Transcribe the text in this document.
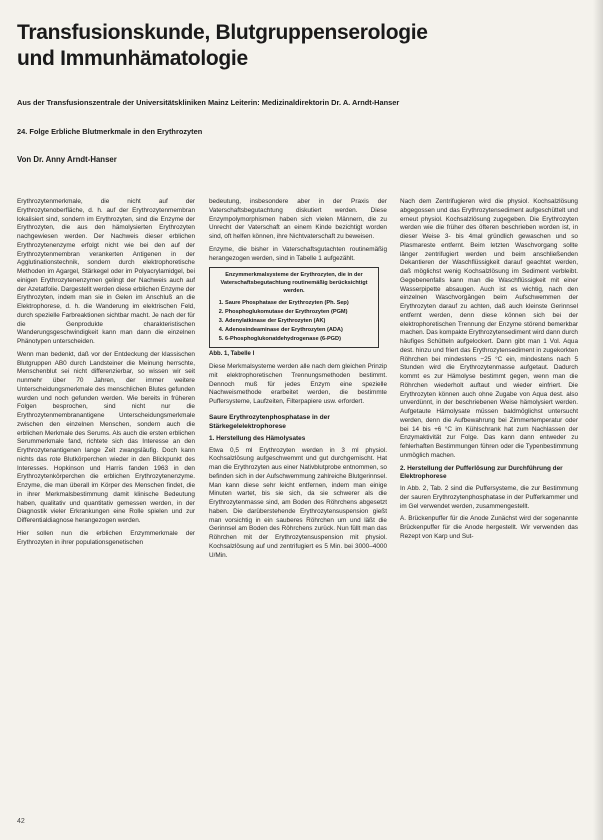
Transfusionskunde, Blutgruppenserologie
und Immunhämatologie
Aus der Transfusionszentrale der Universitätskliniken Mainz Leiterin: Medizinaldirektorin Dr. A. Arndt-Hanser
24. Folge Erbliche Blutmerkmale in den Erythrozyten
Von Dr. Anny Arndt-Hanser

Erythrozytenmerkmale, die nicht auf der Erythrozytenoberfläche, d. h. auf der Erythrozytenmembran lokalisiert sind, sondern im Erythrozyten, sind die Enzyme der Erythrozyten, die aus den hämolysierten Erythrozyten nachgewiesen werden. Der Nachweis dieser erblichen Erythrozytenenzyme erfolgt nicht wie bei den auf der Erythrozytenmembran verankerten Antigenen in der Agglutinationstechnik, sondern durch elektrophoretische Methoden im Agargel, Stärkegel oder im Polyacrylamidgel, bei einigen Erythrozytenenzymen gelingt der Nachweis auch auf der Azetatfolie. Dargestellt werden diese erblichen Enzyme der Erythrozyten, indem man sie in Gelen im Anschluß an die Elektrophorese, d. h. die Wanderung im elektrischen Feld, durch spezielle Farbreaktionen sichtbar macht. Je nach der für die Genprodukte charakteristischen Wanderungsgeschwindigkeit kann man dann die einzelnen Phänotypen unterscheiden.

Wenn man bedenkt, daß vor der Entdeckung der klassischen Blutgruppen AB0 durch Landsteiner die Meinung herrschte, Menschenblut sei nicht differenzierbar, so wissen wir seit nunmehr über 70 Jahren, der immer weitere Unterscheidungsmerkmale des menschlichen Blutes gefunden wurden und noch gefunden werden. Wie bereits in früheren Folgen besprochen, sind nicht nur die Erythrozytenmembranantigene Unterscheidungsmerkmale zwischen den einzelnen Menschen, sondern auch die erblichen Merkmale des Serums. Als auch die ersten erblichen Serummerkmale fand, richtete sich das Interesse an den Erythrozytenantigenen lange Zeit zwangsläufig. Doch kann nichts das rote Blutkörperchen wieder in den Blickpunkt des Interesses. Hopkinson und Harris fanden 1963 in den Erythrozytenkörperchen die erblichen Erythrozytenenzyme. Enzyme, die man überall im Körper des Menschen findet, die in ihrer Merkmalsbestimmung damit klinische Bedeutung haben, qualitativ und quantitativ gemessen werden, in der Diagnostik vieler Erkrankungen eine Rolle spielen und zur Differentialdiagnose herangezogen werden.

Hier sollen nun die erblichen Enzymmerkmale der Erythrozyten in ihrer populationsgenetischen

bedeutung, insbesondere aber in der Praxis der Vaterschaftsbegutachtung diskutiert werden. Diese Enzympolymorphismen haben sich vielen Männern, die zu Unrecht der Vaterschaft an einem Kinde bezichtigt worden sind, oft helfen können, ihre Nichtvaterschaft zu beweisen.

Enzyme, die bisher in Vaterschaftsgutachten routinemäßig herangezogen werden, sind in Tabelle 1 aufgezählt.

Enzymmerkmalsysteme der Erythrozyten, die in der Vaterschaftsbegutachtung routinemäßig berücksichtigt werden.
1. Saure Phosphatase der Erythrozyten (Ph. Sep)
2. Phosphoglukomutase der Erythrozyten (PGM)
3. Adenylatkinase der Erythrozyten (AK)
4. Adenosindeaminase der Erythrozyten (ADA)
5. 6-Phosphoglukonatdehydrogenase (6-PGD)
Abb. 1, Tabelle I

Diese Merkmalsysteme werden alle nach dem gleichen Prinzip mit elektrophoretischen Trennungsmethoden bestimmt. Dennoch muß für jedes Enzym eine spezielle Nachweismethode erarbeitet werden, die bestimmte Puffersysteme, Laufzeiten, Filterpapiere usw. erfordert.

Saure Erythrozytenphosphatase in der Stärkegelelektrophorese
1. Herstellung des Hämolysates

Etwa 0,5 ml Erythrozyten werden in 3 ml physiol. Kochsalzlösung aufgeschwemmt und gut durchgemischt. Hat man die Erythrozyten aus einer Nativblutprobe entnommen, so befinden sich in der Aufschwemmung zahlreiche Blutgerinnsel. Man kann diese sehr leicht entfernen, indem man einige Minuten wartet, bis sie sich, da sie schwerer als die Erythrozytenmasse sind, am Boden des Röhrchens abgesetzt haben. Die darüberstehende Erythrozytensuspension gießt man vorsichtig in ein sauberes Röhrchen um und läßt die Gerinnsel am Boden des Röhrchens zurück. Nun füllt man das Röhrchen mit der Erythrozytensuspension mit physiol. Kochsalzlösung auf und zentrifugiert es 5 Min. bei 3000–4000 U/Min.

Nach dem Zentrifugieren wird die physiol. Kochsalzlösung abgegossen und das Erythrozytensediment aufgeschüttelt und erneut physiol. Kochsalzlösung zugegeben. Die Erythrozyten werden wie die früher des öfteren beschrieben worden ist, in dieser Weise 3- bis 4mal gründlich gewaschen und so Plasmareste entfernt. Beim letzten Waschvorgang sollte länger zentrifugiert werden und beim anschließenden Dekantieren der Waschflüssigkeit darauf geachtet werden, daß möglichst wenig Kochsalzlösung im Sediment verbleibt. Gegebenenfalls kann man die Waschflüssigkeit mit einer Wasserpipette absaugen. Auch ist es wichtig, nach den einzelnen Waschvorgängen beim Aufschwemmen der Erythrozyten darauf zu achten, daß auch kleinste Gerinnsel entfernt werden, denn diese können sich bei der elektrophoretischen Trennung der Enzyme störend bemerkbar machen. Das kompakte Erythrozytensediment wird dann durch häufiges Schütteln aufgelockert. Dann gibt man 1 Vol. Aqua dest. hinzu und friert das Erythrozytensediment in zugekorkten Röhrchen bei mindestens −25 °C ein, mindestens nach 5 Stunden wird die Erythrozytenmasse aufgetaut. Dadurch kommt es zur Hämolyse bestimmt gegen, wenn man die Röhrchen wiederholt auftaut und wieder einfriert. Die Erythrozyten können auch ohne Zugabe von Aqua dest. also unverdünnt, in der beschriebenen Weise hämolysiert werden. Aufgetaute Hämolysate müssen baldmöglichst untersucht werden, denn die Aufbewahrung bei Zimmertemperatur oder bei 14 bis +6 °C im Kühlschrank hat zum Nachlassen der Enzymaktivität zur Folge. Das kann dann entweder zu fehlerhaften Bestimmungen führen oder die Typenbestimmung unmöglich machen.

2. Herstellung der Pufferlösung zur Durchführung der Elektrophorese

In Abb. 2, Tab. 2 sind die Puffersysteme, die zur Bestimmung der sauren Erythrozytenphosphatase in der Pufferkammer und im Gel verwendet werden, zusammengestellt.

A. Brückenpuffer für die Anode Zunächst wird der sogenannte Brückenpuffer für die Anode hergestellt. Wir verwenden das Rezept von Karp und Sut-

42
